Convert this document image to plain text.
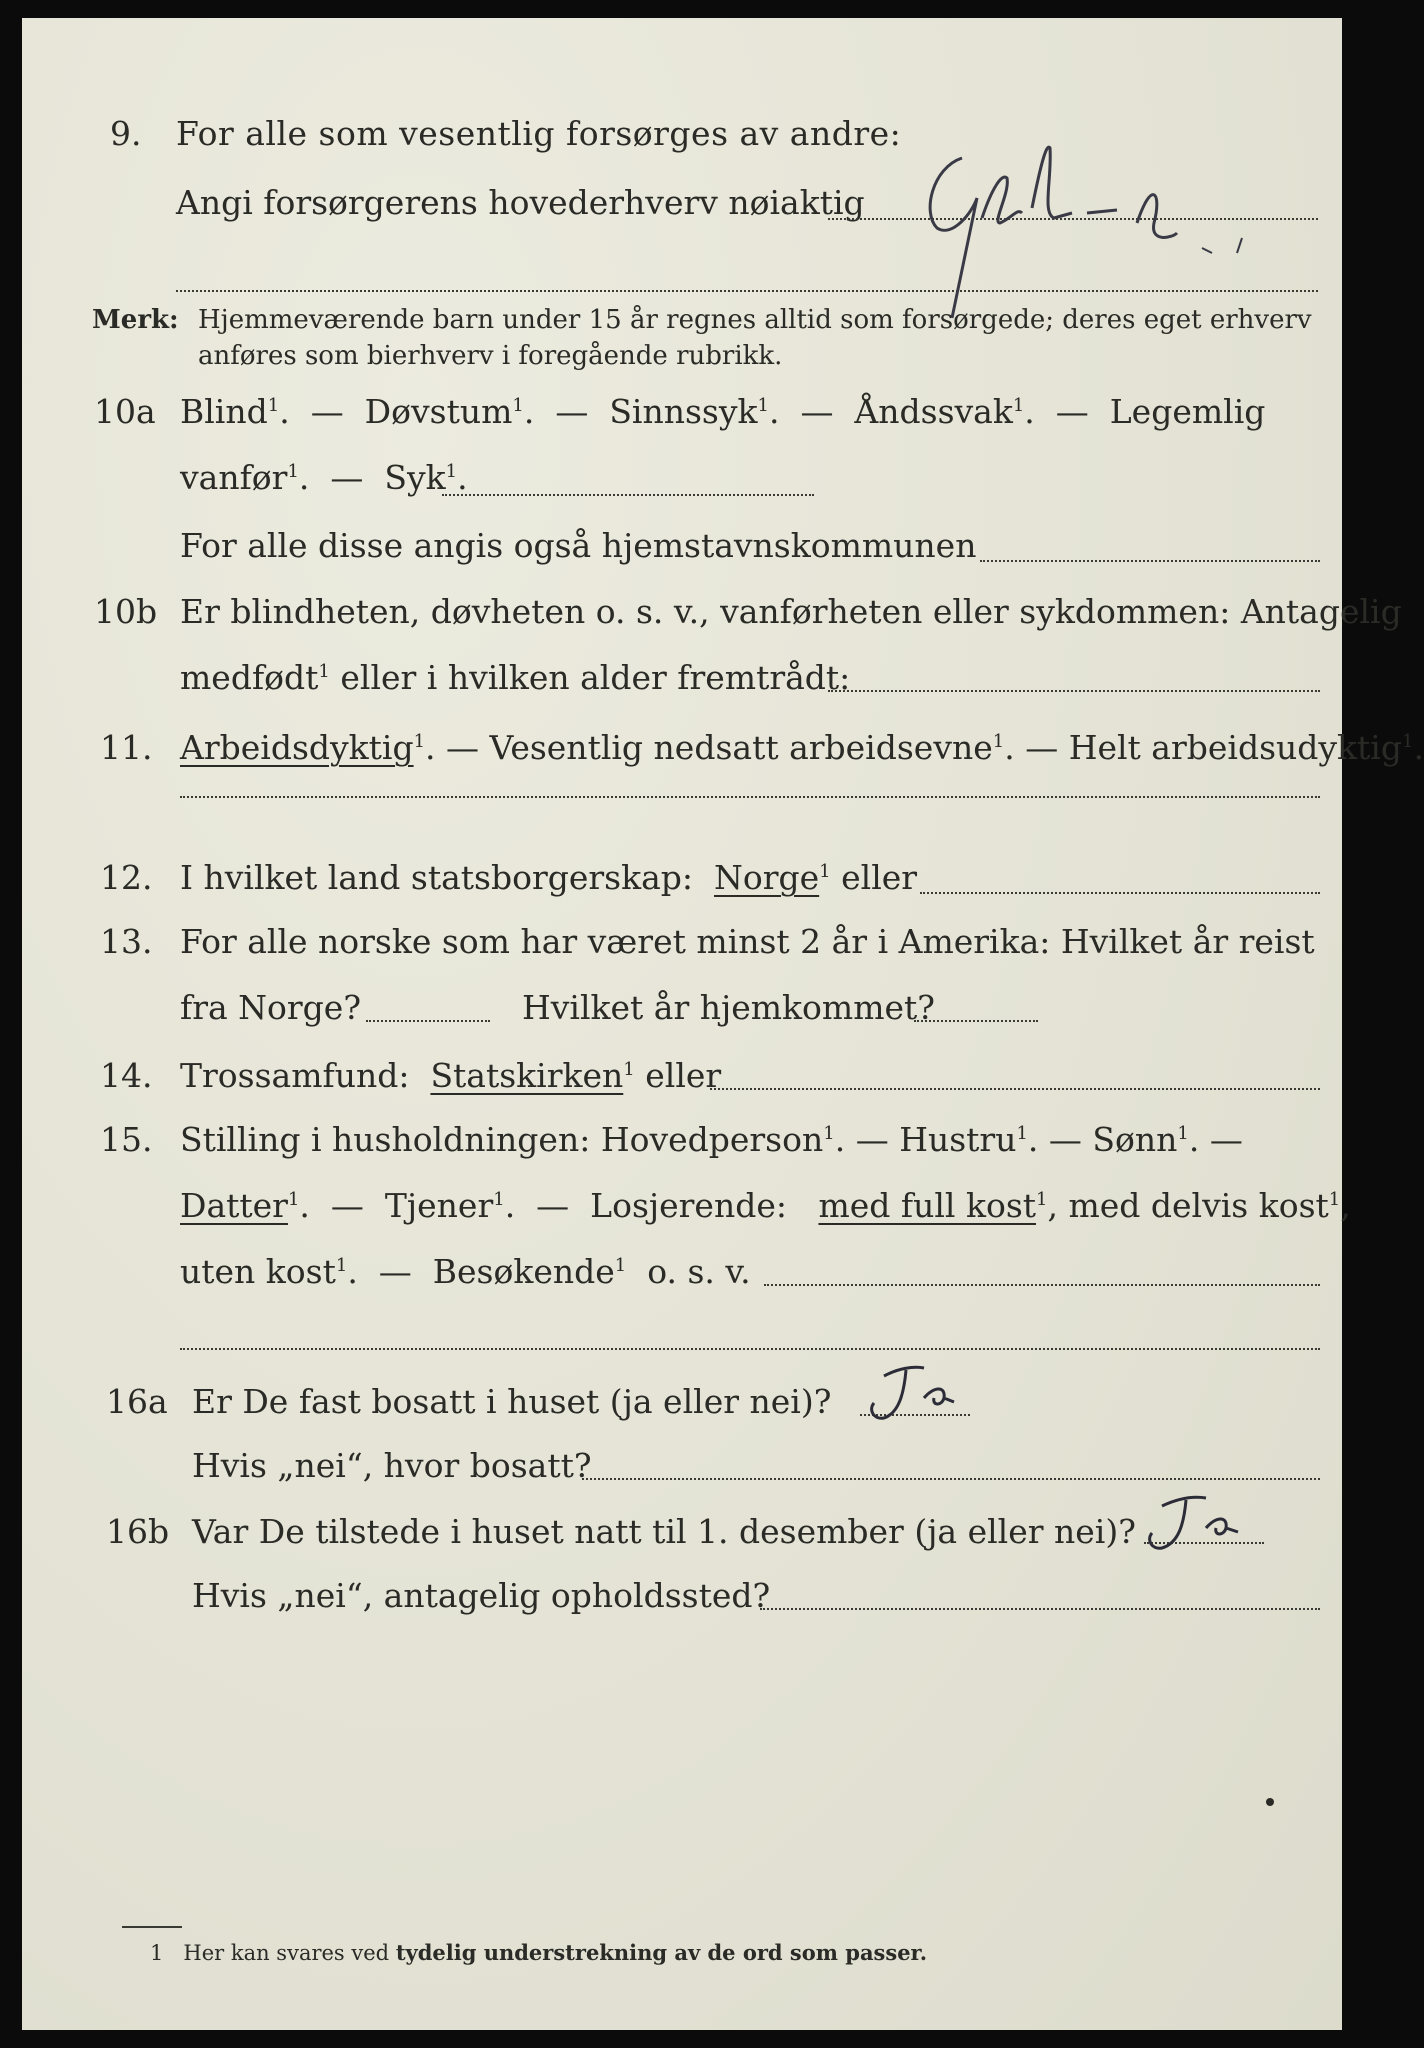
9. For alle som vesentlig forsørges av andre:
Angi forsørgerens hovederhverv nøiaktig
Merk: Hjemmeværende barn under 15 år regnes alltid som forsørgede; deres eget erhverv
anføres som bierhverv i foregående rubrikk.
10a Blind$^1$.  — Døvstum$^1$.  — Sinnssyk$^1$.  — Åndssvak$^1$.  — Legemlig
vanfør$^1$.  — Syk$^1$.
For alle disse angis også hjemstavnskommunen
10b Er blindheten, døvheten o. s. v., vanførheten eller sykdommen: Antagelig
medfødt$^1$ eller i hvilken alder fremtrådt:
11. Arbeidsdyktig$^1$. — Vesentlig nedsatt arbeidsevne$^1$. — Helt arbeidsudyktig$^1$.
12. I hvilket land statsborgerskap: Norge$^1$ eller
13. For alle norske som har været minst 2 år i Amerika: Hvilket år reist
fra Norge?	Hvilket år hjemkommet?
14. Trossamfund: Statskirken$^1$ eller
15. Stilling i husholdningen: Hovedperson$^1$. — Hustru$^1$. — Sønn$^1$. —
Datter$^1$.  — Tjener$^1$.  — Losjerende: med full kost$^1$, med delvis kost$^1$,
uten kost$^1$.  — Besøkende$^1$ o. s. v.
16a Er De fast bosatt i huset (ja eller nei)?
Hvis „nei“, hvor bosatt?
16b Var De tilstede i huset natt til 1. desember (ja eller nei)?
Hvis „nei“, antagelig opholdssted?
1 Her kan svares ved tydelig understrekning av de ord som passer.
